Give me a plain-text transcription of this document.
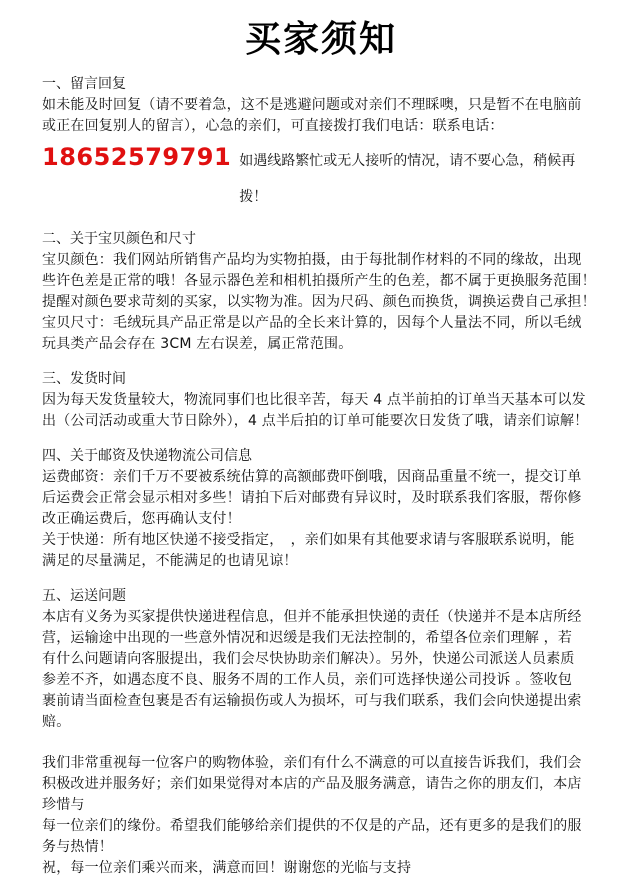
买家须知

一、留言回复

如未能及时回复（请不要着急，这不是逃避问题或对亲们不理睬噢，只是暂不在电脑前

或正在回复别人的留言），心急的亲们，可直接拨打我们电话：联系电话：

18652579791 如遇线路繁忙或无人接听的情况，请不要心急，稍候再拨！

二、关于宝贝颜色和尺寸

宝贝颜色：我们网站所销售产品均为实物拍摄，由于每批制作材料的不同的缘故，出现

些许色差是正常的哦！各显示器色差和相机拍摄所产生的色差，都不属于更换服务范围！

提醒对颜色要求苛刻的买家，以实物为准。因为尺码、颜色而换货，调换运费自己承担！

宝贝尺寸：毛绒玩具产品正常是以产品的全长来计算的，因每个人量法不同，所以毛绒

玩具类产品会存在 3CM 左右误差，属正常范围。

三、发货时间

因为每天发货量较大，物流同事们也比很辛苦，每天 4 点半前拍的订单当天基本可以发

出（公司活动或重大节日除外），4 点半后拍的订单可能要次日发货了哦，请亲们谅解！

四、关于邮资及快递物流公司信息

运费邮资：亲们千万不要被系统估算的高额邮费吓倒哦，因商品重量不统一，提交订单

后运费会正常会显示相对多些！请拍下后对邮费有异议时，及时联系我们客服，帮你修

改正确运费后，您再确认支付！

关于快递：所有地区快递不接受指定，　，亲们如果有其他要求请与客服联系说明，能

满足的尽量满足，不能满足的也请见谅！

五、运送问题

本店有义务为买家提供快递进程信息，但并不能承担快递的责任（快递并不是本店所经

营，运输途中出现的一些意外情况和迟缓是我们无法控制的，希望各位亲们理解 ，若

有什么问题请向客服提出，我们会尽快协助亲们解决）。另外，快递公司派送人员素质

参差不齐，如遇态度不良、服务不周的工作人员，亲们可选择快递公司投诉 。签收包

裹前请当面检查包裹是否有运输损伤或人为损坏，可与我们联系，我们会向快递提出索

赔。

我们非常重视每一位客户的购物体验，亲们有什么不满意的可以直接告诉我们，我们会

积极改进并服务好；亲们如果觉得对本店的产品及服务满意，请告之你的朋友们，本店

珍惜与

每一位亲们的缘份。希望我们能够给亲们提供的不仅是的产品，还有更多的是我们的服

务与热情！

祝，每一位亲们乘兴而来，满意而回！谢谢您的光临与支持
